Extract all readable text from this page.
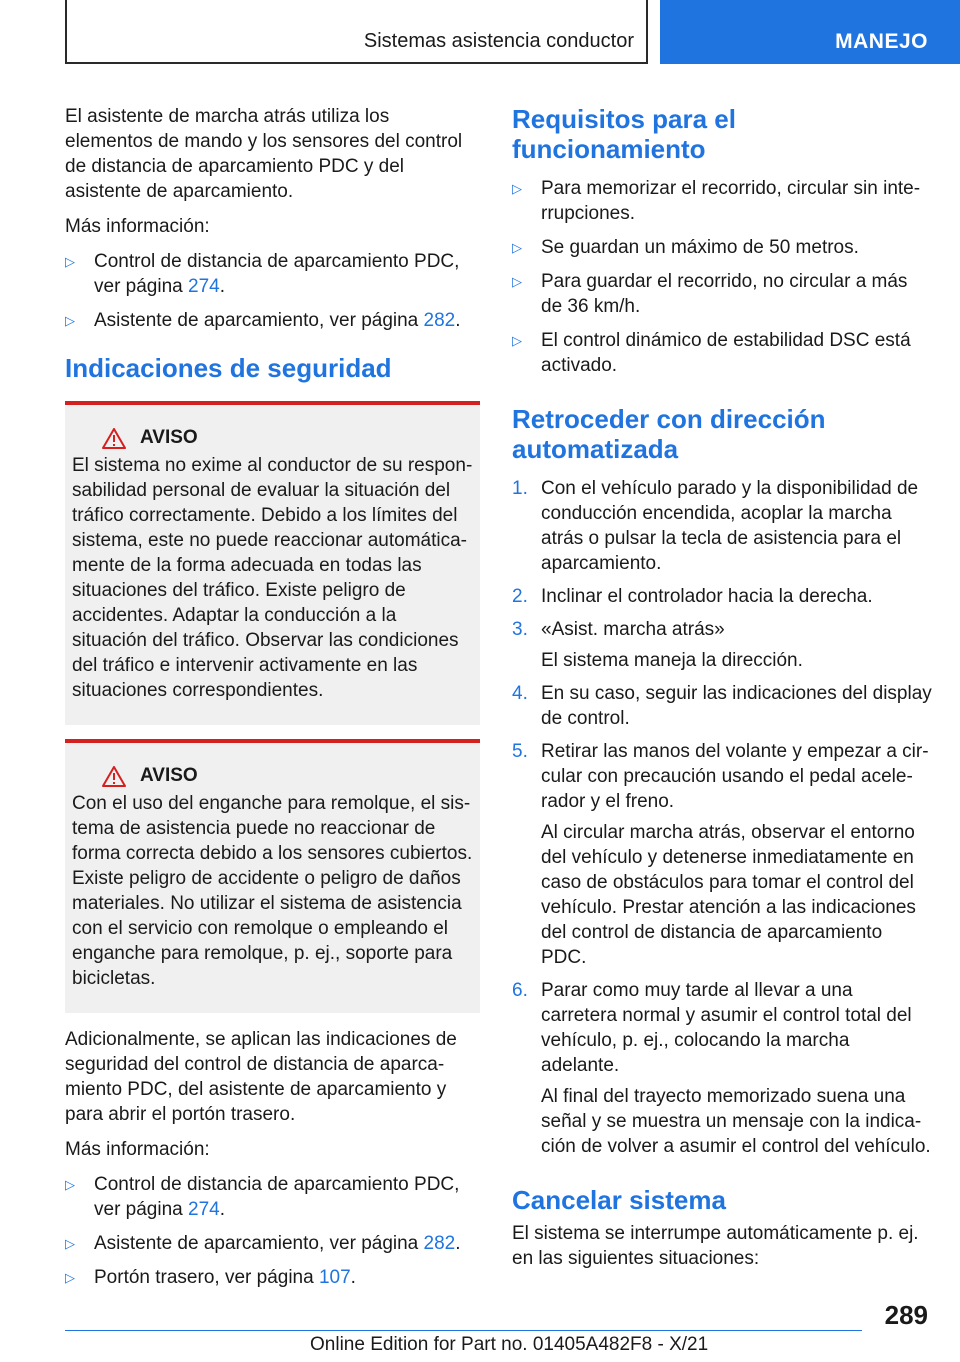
Sistemas asistencia conductor	MANEJO

El asistente de marcha atrás utiliza los elementos de mando y los sensores del control de distancia de aparcamiento PDC y del asistente de aparcamiento.

Más información:

▷ Control de distancia de aparcamiento PDC, ver página 274.
▷ Asistente de aparcamiento, ver página 282.
Indicaciones de seguridad
AVISO

El sistema no exime al conductor de su responsabilidad personal de evaluar la situación del tráfico correctamente. Debido a los límites del sistema, este no puede reaccionar automáticamente de la forma adecuada en todas las situaciones del tráfico. Existe peligro de accidentes. Adaptar la conducción a la situación del tráfico. Observar las condiciones del tráfico e intervenir activamente en las situaciones correspondientes.

AVISO

Con el uso del enganche para remolque, el sistema de asistencia puede no reaccionar de forma correcta debido a los sensores cubiertos. Existe peligro de accidente o peligro de daños materiales. No utilizar el sistema de asistencia con el servicio con remolque o empleando el enganche para remolque, p. ej., soporte para bicicletas.

Adicionalmente, se aplican las indicaciones de seguridad del control de distancia de aparcamiento PDC, del asistente de aparcamiento y para abrir el portón trasero.

Más información:

▷ Control de distancia de aparcamiento PDC, ver página 274.
▷ Asistente de aparcamiento, ver página 282.
▷ Portón trasero, ver página 107.
Requisitos para el funcionamiento
▷ Para memorizar el recorrido, circular sin interrupciones.
▷ Se guardan un máximo de 50 metros.
▷ Para guardar el recorrido, no circular a más de 36 km/h.
▷ El control dinámico de estabilidad DSC está activado.
Retroceder con dirección automatizada
1. Con el vehículo parado y la disponibilidad de conducción encendida, acoplar la marcha atrás o pulsar la tecla de asistencia para el aparcamiento.
2. Inclinar el controlador hacia la derecha.
3. «Asist. marcha atrás»
El sistema maneja la dirección.
4. En su caso, seguir las indicaciones del display de control.
5. Retirar las manos del volante y empezar a circular con precaución usando el pedal acelerador y el freno.
Al circular marcha atrás, observar el entorno del vehículo y detenerse inmediatamente en caso de obstáculos para tomar el control del vehículo. Prestar atención a las indicaciones del control de distancia de aparcamiento PDC.
6. Parar como muy tarde al llevar a una carretera normal y asumir el control total del vehículo, p. ej., colocando la marcha adelante.
Al final del trayecto memorizado suena una señal y se muestra un mensaje con la indicación de volver a asumir el control del vehículo.
Cancelar sistema

El sistema se interrumpe automáticamente p. ej. en las siguientes situaciones:

289
Online Edition for Part no. 01405A482F8 - X/21
